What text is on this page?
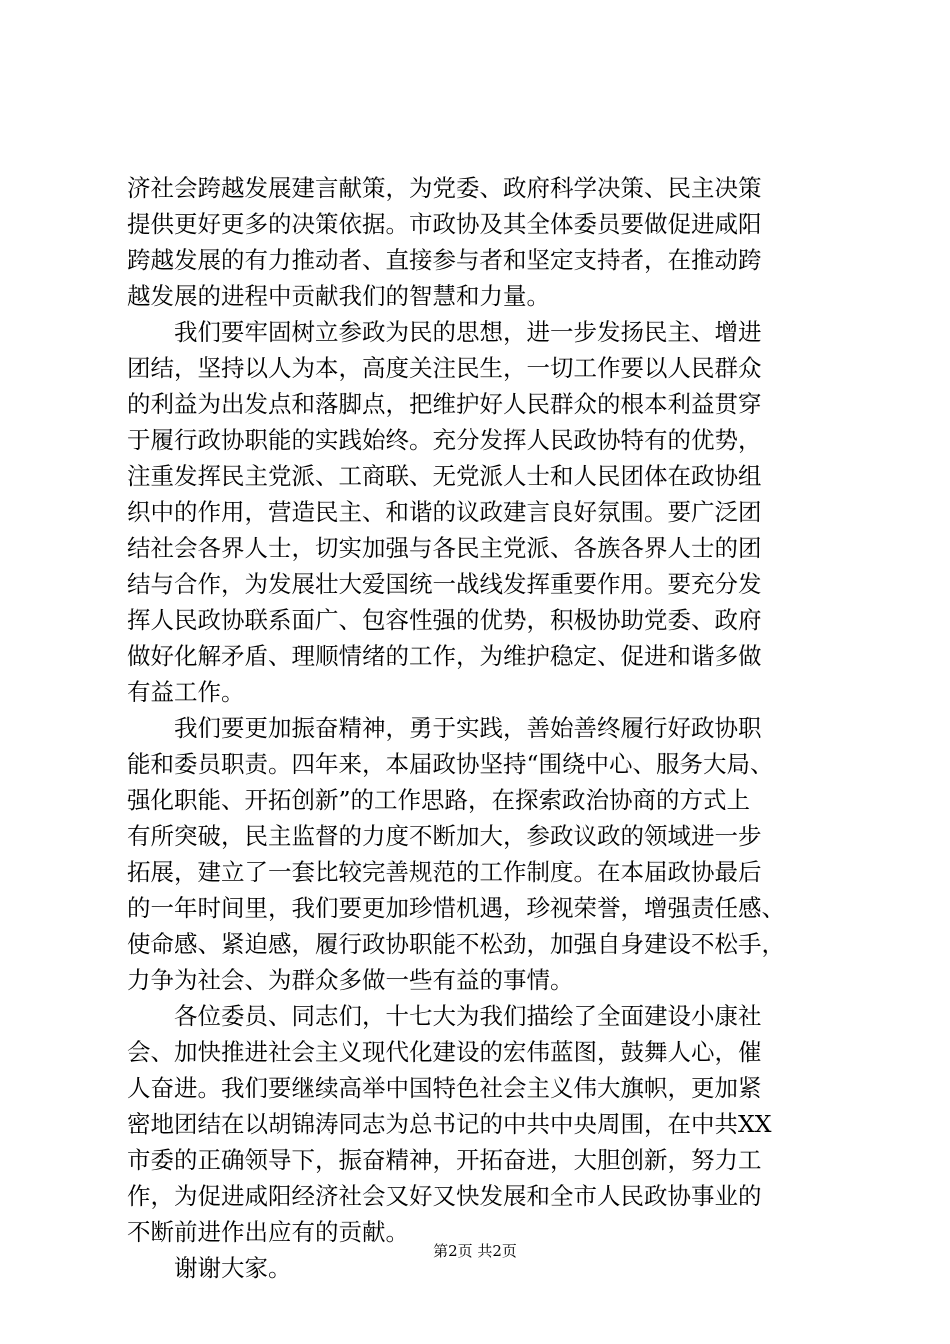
济社会跨越发展建言献策，为党委、政府科学决策、民主决策
提供更好更多的决策依据。市政协及其全体委员要做促进咸阳
跨越发展的有力推动者、直接参与者和坚定支持者，在推动跨
越发展的进程中贡献我们的智慧和力量。
　　我们要牢固树立参政为民的思想，进一步发扬民主、增进
团结，坚持以人为本，高度关注民生，一切工作要以人民群众
的利益为出发点和落脚点，把维护好人民群众的根本利益贯穿
于履行政协职能的实践始终。充分发挥人民政协特有的优势，
注重发挥民主党派、工商联、无党派人士和人民团体在政协组
织中的作用，营造民主、和谐的议政建言良好氛围。要广泛团
结社会各界人士，切实加强与各民主党派、各族各界人士的团
结与合作，为发展壮大爱国统一战线发挥重要作用。要充分发
挥人民政协联系面广、包容性强的优势，积极协助党委、政府
做好化解矛盾、理顺情绪的工作，为维护稳定、促进和谐多做
有益工作。
　　我们要更加振奋精神，勇于实践，善始善终履行好政协职
能和委员职责。四年来，本届政协坚持“围绕中心、服务大局、
强化职能、开拓创新”的工作思路，在探索政治协商的方式上
有所突破，民主监督的力度不断加大，参政议政的领域进一步
拓展，建立了一套比较完善规范的工作制度。在本届政协最后
的一年时间里，我们要更加珍惜机遇，珍视荣誉，增强责任感、
使命感、紧迫感，履行政协职能不松劲，加强自身建设不松手，
力争为社会、为群众多做一些有益的事情。
　　各位委员、同志们，十七大为我们描绘了全面建设小康社
会、加快推进社会主义现代化建设的宏伟蓝图，鼓舞人心，催
人奋进。我们要继续高举中国特色社会主义伟大旗帜，更加紧
密地团结在以胡锦涛同志为总书记的中共中央周围，在中共XX
市委的正确领导下，振奋精神，开拓奋进，大胆创新，努力工
作，为促进咸阳经济社会又好又快发展和全市人民政协事业的
不断前进作出应有的贡献。
　　谢谢大家。
第2页 共2页
